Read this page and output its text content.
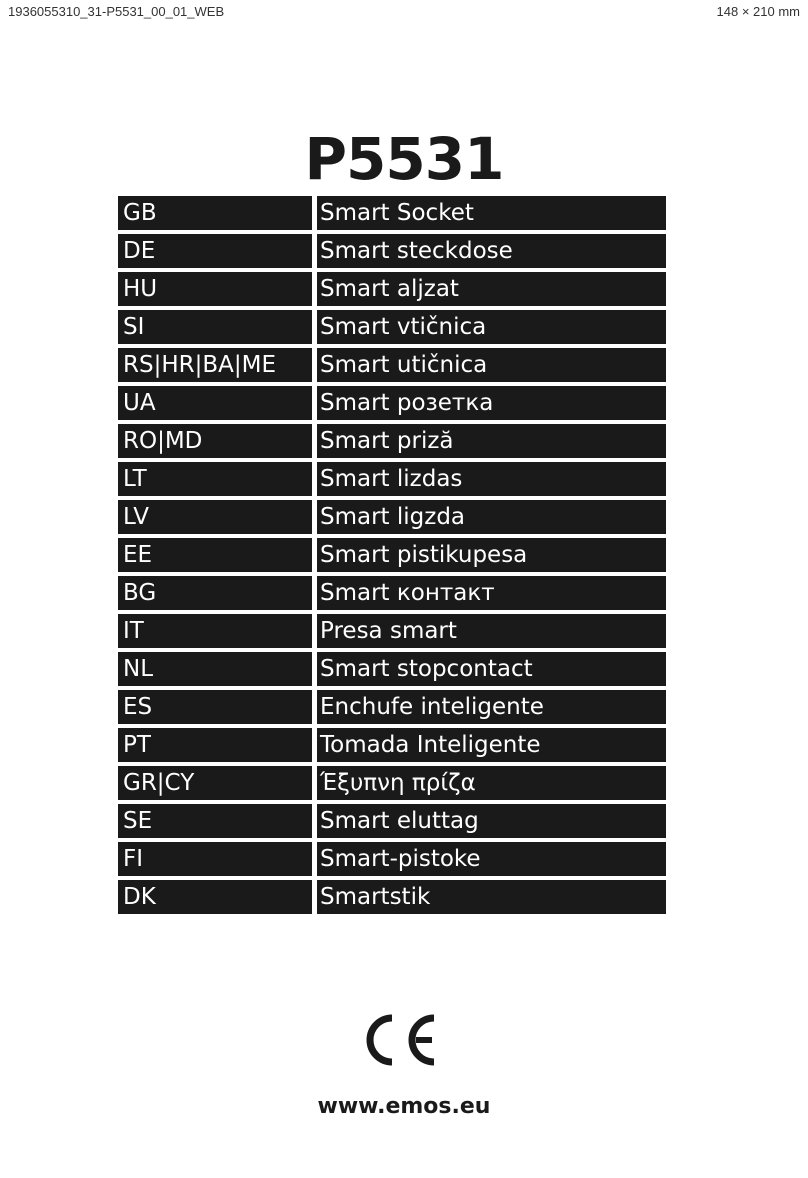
1936055310_31-P5531_00_01_WEB	148 × 210 mm
P5531
GB	Smart Socket
DE	Smart steckdose
HU	Smart aljzat
SI	Smart vtičnica
RS|HR|BA|ME	Smart utičnica
UA	Smart розетка
RO|MD	Smart priză
LT	Smart lizdas
LV	Smart ligzda
EE	Smart pistikupesa
BG	Smart контакт
IT	Presa smart
NL	Smart stopcontact
ES	Enchufe inteligente
PT	Tomada Inteligente
GR|CY	Έξυπνη πρίζα
SE	Smart eluttag
FI	Smart-pistoke
DK	Smartstik
www.emos.eu
